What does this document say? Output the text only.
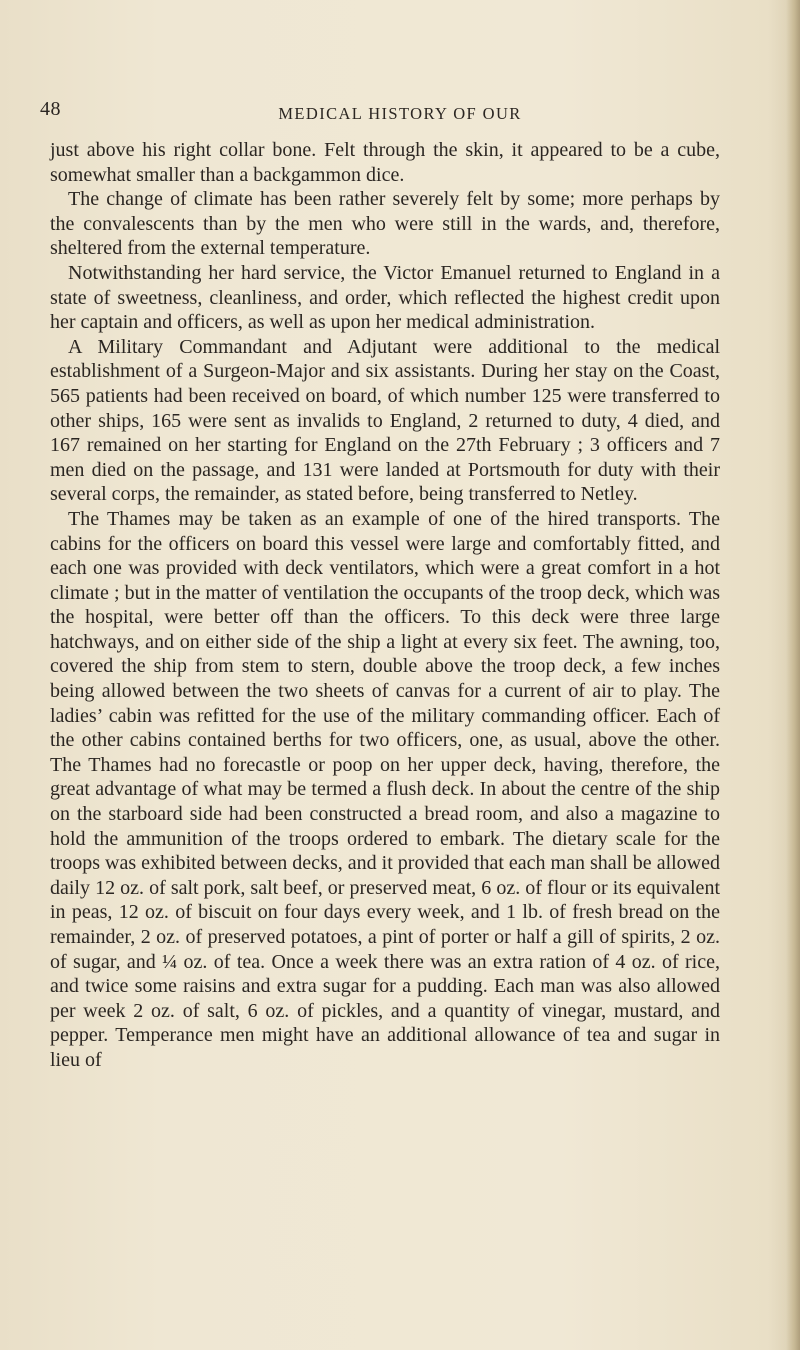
48	MEDICAL HISTORY OF OUR

just above his right collar bone. Felt through the skin, it appeared to be a cube, somewhat smaller than a backgammon dice.

The change of climate has been rather severely felt by some; more perhaps by the convalescents than by the men who were still in the wards, and, therefore, sheltered from the external temperature.

Notwithstanding her hard service, the Victor Emanuel returned to England in a state of sweetness, cleanliness, and order, which reflected the highest credit upon her captain and officers, as well as upon her medical administration.

A Military Commandant and Adjutant were additional to the medical establishment of a Surgeon-Major and six assistants. During her stay on the Coast, 565 patients had been received on board, of which number 125 were transferred to other ships, 165 were sent as invalids to England, 2 returned to duty, 4 died, and 167 remained on her starting for England on the 27th February ; 3 officers and 7 men died on the passage, and 131 were landed at Portsmouth for duty with their several corps, the remainder, as stated before, being transferred to Netley.

The Thames may be taken as an example of one of the hired transports. The cabins for the officers on board this vessel were large and comfortably fitted, and each one was provided with deck ventilators, which were a great comfort in a hot climate ; but in the matter of ventilation the occupants of the troop deck, which was the hospital, were better off than the officers. To this deck were three large hatchways, and on either side of the ship a light at every six feet. The awning, too, covered the ship from stem to stern, double above the troop deck, a few inches being allowed between the two sheets of canvas for a current of air to play. The ladies’ cabin was refitted for the use of the military commanding officer. Each of the other cabins contained berths for two officers, one, as usual, above the other. The Thames had no forecastle or poop on her upper deck, having, therefore, the great advantage of what may be termed a flush deck. In about the centre of the ship on the starboard side had been constructed a bread room, and also a magazine to hold the ammunition of the troops ordered to embark. The dietary scale for the troops was exhibited between decks, and it provided that each man shall be allowed daily 12 oz. of salt pork, salt beef, or preserved meat, 6 oz. of flour or its equivalent in peas, 12 oz. of biscuit on four days every week, and 1 lb. of fresh bread on the remainder, 2 oz. of preserved potatoes, a pint of porter or half a gill of spirits, 2 oz. of sugar, and ¼ oz. of tea. Once a week there was an extra ration of 4 oz. of rice, and twice some raisins and extra sugar for a pudding. Each man was also allowed per week 2 oz. of salt, 6 oz. of pickles, and a quantity of vinegar, mustard, and pepper. Temperance men might have an additional allowance of tea and sugar in lieu of
